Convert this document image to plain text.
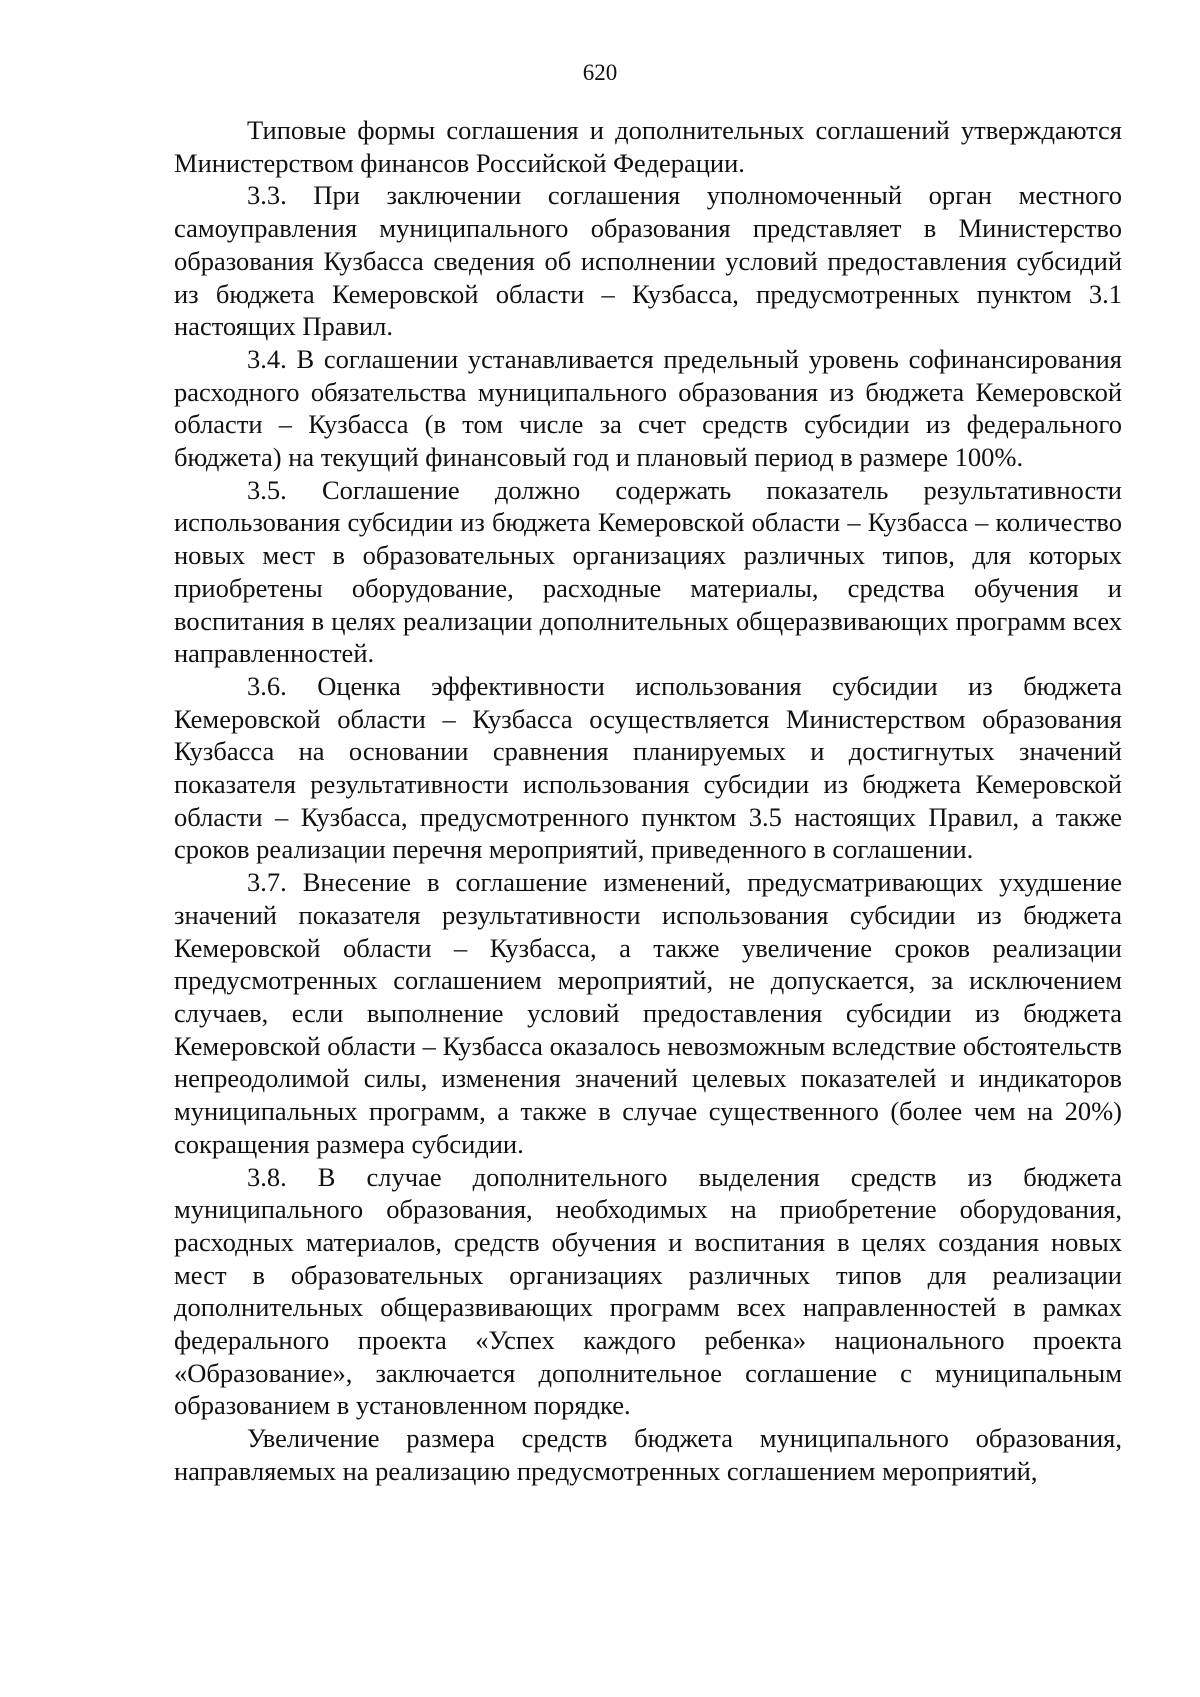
620

Типовые формы соглашения и дополнительных соглашений утверждаются Министерством финансов Российской Федерации.

3.3. При заключении соглашения уполномоченный орган местного самоуправления муниципального образования представляет в Министерство образования Кузбасса сведения об исполнении условий предоставления субсидий из бюджета Кемеровской области – Кузбасса, предусмотренных пунктом 3.1 настоящих Правил.

3.4. В соглашении устанавливается предельный уровень софинансирования расходного обязательства муниципального образования из бюджета Кемеровской области – Кузбасса (в том числе за счет средств субсидии из федерального бюджета) на текущий финансовый год и плановый период в размере 100%.

3.5. Соглашение должно содержать показатель результативности использования субсидии из бюджета Кемеровской области – Кузбасса – количество новых мест в образовательных организациях различных типов, для которых приобретены оборудование, расходные материалы, средства обучения и воспитания в целях реализации дополнительных общеразвивающих программ всех направленностей.

3.6. Оценка эффективности использования субсидии из бюджета Кемеровской области – Кузбасса осуществляется Министерством образования Кузбасса на основании сравнения планируемых и достигнутых значений показателя результативности использования субсидии из бюджета Кемеровской области – Кузбасса, предусмотренного пунктом 3.5 настоящих Правил, а также сроков реализации перечня мероприятий, приведенного в соглашении.

3.7. Внесение в соглашение изменений, предусматривающих ухудшение значений показателя результативности использования субсидии из бюджета Кемеровской области – Кузбасса, а также увеличение сроков реализации предусмотренных соглашением мероприятий, не допускается, за исключением случаев, если выполнение условий предоставления субсидии из бюджета Кемеровской области – Кузбасса оказалось невозможным вследствие обстоятельств непреодолимой силы, изменения значений целевых показателей и индикаторов муниципальных программ, а также в случае существенного (более чем на 20%) сокращения размера субсидии.

3.8. В случае дополнительного выделения средств из бюджета муниципального образования, необходимых на приобретение оборудования, расходных материалов, средств обучения и воспитания в целях создания новых мест в образовательных организациях различных типов для реализации дополнительных общеразвивающих программ всех направленностей в рамках федерального проекта «Успех каждого ребенка» национального проекта «Образование», заключается дополнительное соглашение с муниципальным образованием в установленном порядке.

Увеличение размера средств бюджета муниципального образования, направляемых на реализацию предусмотренных соглашением мероприятий,
